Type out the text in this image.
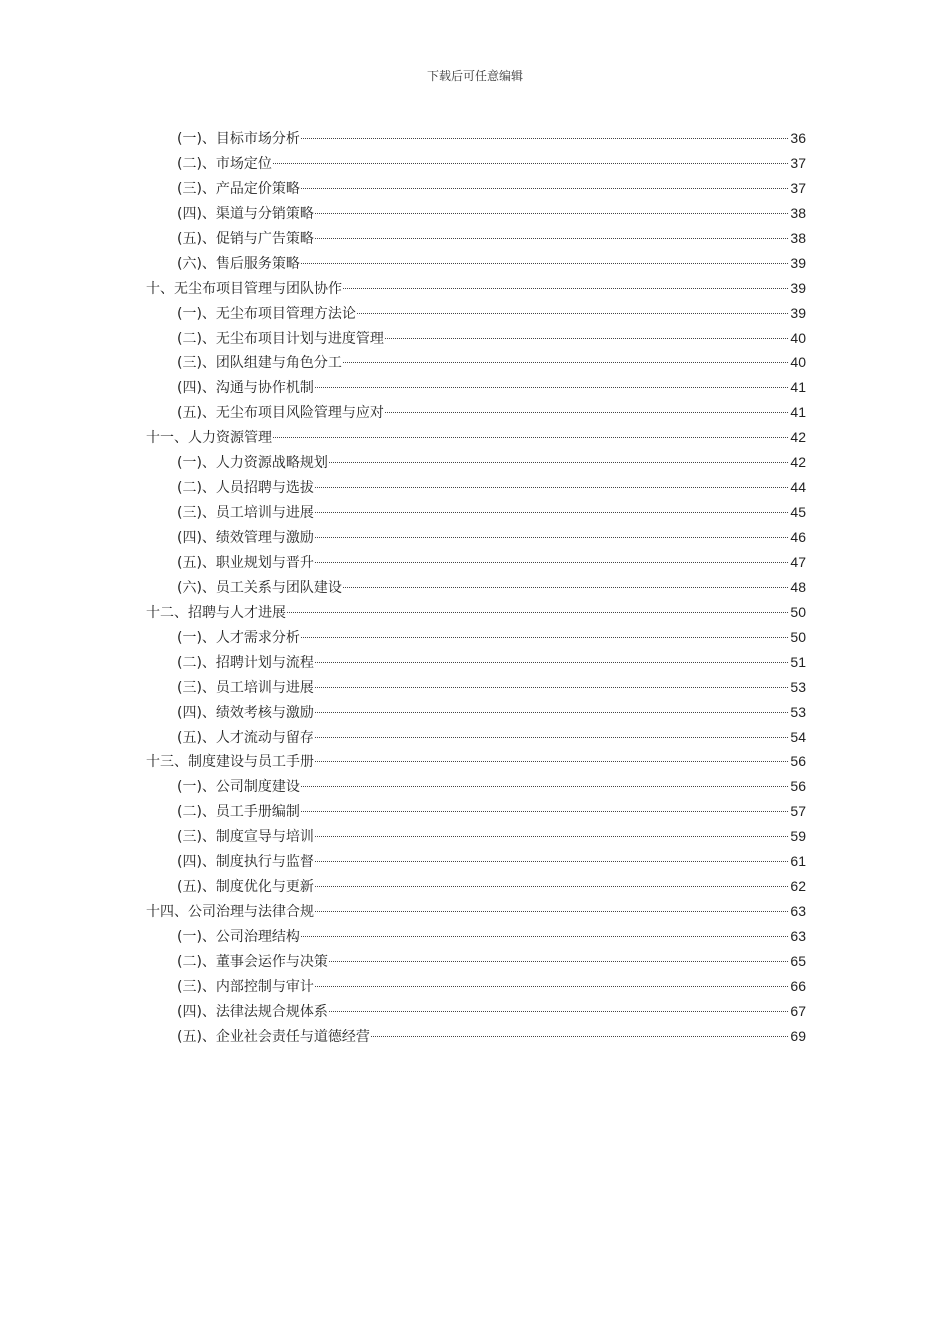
下载后可任意编辑
(一)、目标市场分析	36
(二)、市场定位	37
(三)、产品定价策略	37
(四)、渠道与分销策略	38
(五)、促销与广告策略	38
(六)、售后服务策略	39
十、无尘布项目管理与团队协作	39
(一)、无尘布项目管理方法论	39
(二)、无尘布项目计划与进度管理	40
(三)、团队组建与角色分工	40
(四)、沟通与协作机制	41
(五)、无尘布项目风险管理与应对	41
十一、人力资源管理	42
(一)、人力资源战略规划	42
(二)、人员招聘与选拔	44
(三)、员工培训与进展	45
(四)、绩效管理与激励	46
(五)、职业规划与晋升	47
(六)、员工关系与团队建设	48
十二、招聘与人才进展	50
(一)、人才需求分析	50
(二)、招聘计划与流程	51
(三)、员工培训与进展	53
(四)、绩效考核与激励	53
(五)、人才流动与留存	54
十三、制度建设与员工手册	56
(一)、公司制度建设	56
(二)、员工手册编制	57
(三)、制度宣导与培训	59
(四)、制度执行与监督	61
(五)、制度优化与更新	62
十四、公司治理与法律合规	63
(一)、公司治理结构	63
(二)、董事会运作与决策	65
(三)、内部控制与审计	66
(四)、法律法规合规体系	67
(五)、企业社会责任与道德经营	69
